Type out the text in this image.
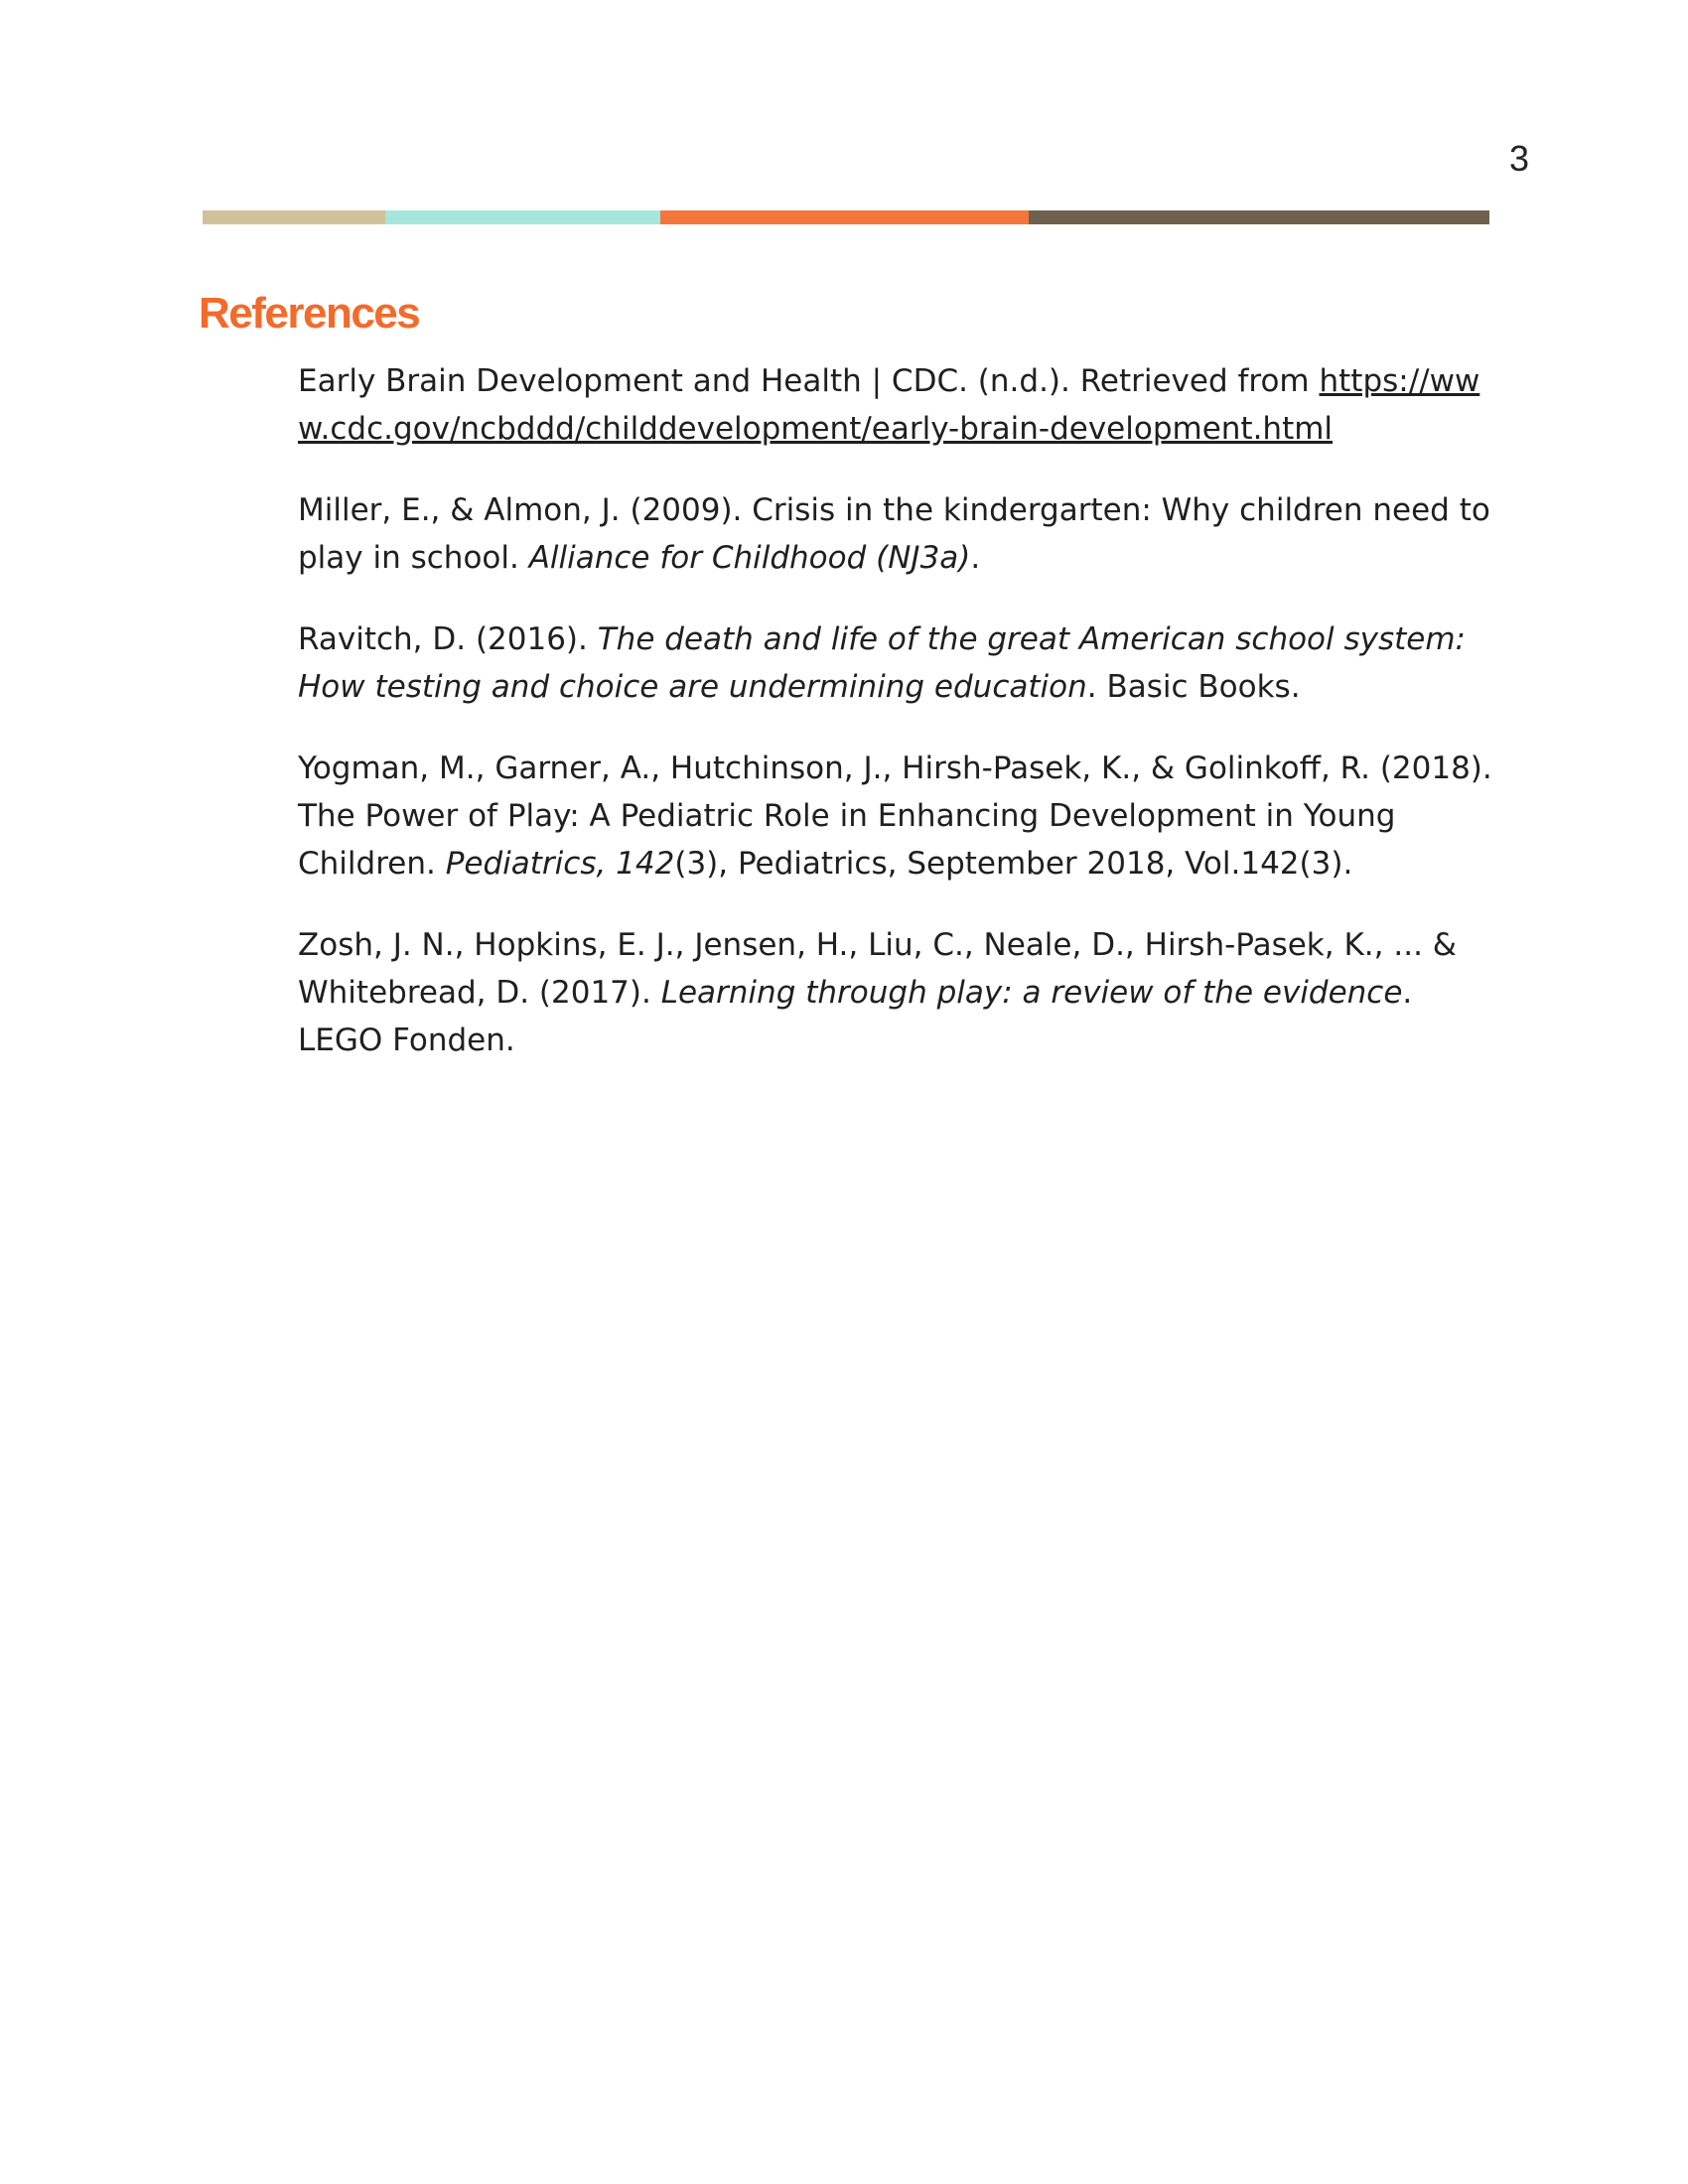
3
References
Early Brain Development and Health | CDC. (n.d.). Retrieved from https://www.cdc.gov/ncbddd/childdevelopment/early-brain-development.html
Miller, E., & Almon, J. (2009). Crisis in the kindergarten: Why children need to play in school. Alliance for Childhood (NJ3a).
Ravitch, D. (2016). The death and life of the great American school system: How testing and choice are undermining education. Basic Books.
Yogman, M., Garner, A., Hutchinson, J., Hirsh-Pasek, K., & Golinkoff, R. (2018). The Power of Play: A Pediatric Role in Enhancing Development in Young Children. Pediatrics, 142(3), Pediatrics, September 2018, Vol.142(3).
Zosh, J. N., Hopkins, E. J., Jensen, H., Liu, C., Neale, D., Hirsh-Pasek, K., ... & Whitebread, D. (2017). Learning through play: a review of the evidence. LEGO Fonden.
